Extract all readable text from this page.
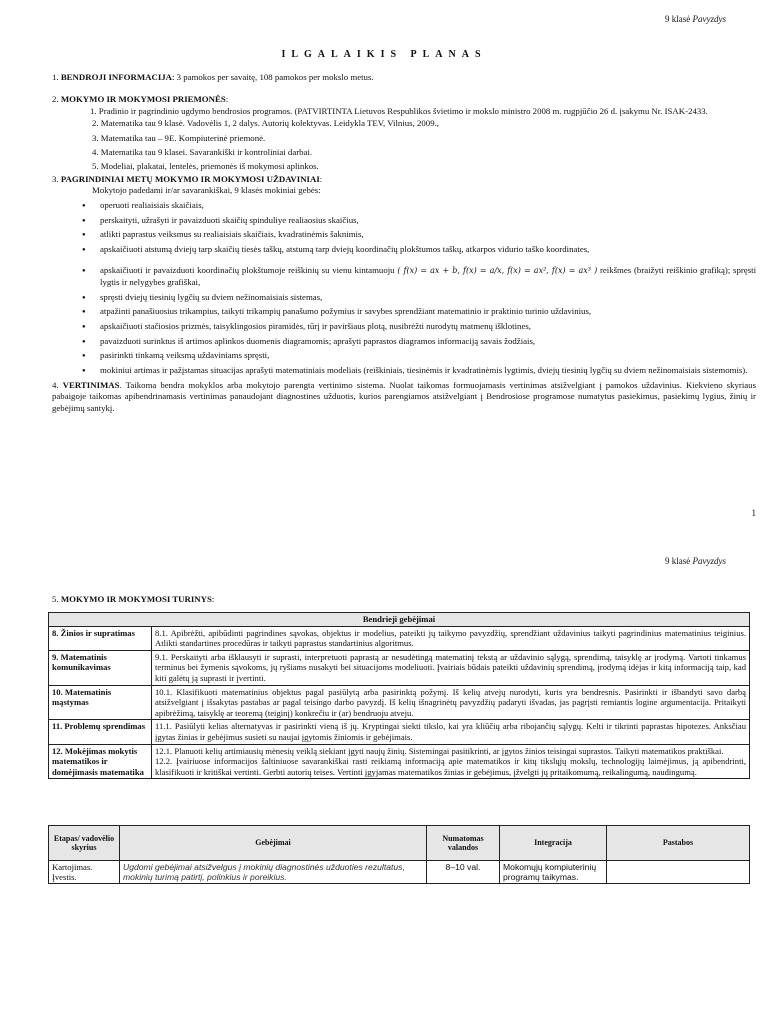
9 klasė Pavyzdys
ILGALAIKIS PLANAS

1. BENDROJI INFORMACIJA: 3 pamokos per savaitę, 108 pamokos per mokslo metus.

2. MOKYMO IR MOKYMOSI PRIEMONĖS:

1. Pradinio ir pagrindinio ugdymo bendrosios programos. (PATVIRTINTA Lietuvos Respublikos švietimo ir mokslo ministro 2008 m. rugpjūčio 26 d. įsakymu Nr. ISAK-2433.

2. Matematika tau 9 klasė. Vadovėlis 1, 2 dalys. Autorių kolektyvas. Leidykla TEV, Vilnius, 2009.,

3. Matematika tau – 9E. Kompiuterinė priemonė.

4. Matematika tau 9 klasei. Savarankiški ir kontroliniai darbai.

5. Modeliai, plakatai, lentelės, priemonės iš mokymosi aplinkos.

3. PAGRINDINIAI METŲ MOKYMO IR MOKYMOSI UŽDAVINIAI:

Mokytojo padedami ir/ar savarankiškai, 9 klasės mokiniai gebės:

● operuoti realiaisiais skaičiais,
● perskaityti, užrašyti ir pavaizduoti skaičių spinduliye realiaosius skaičius,
● atlikti paprastus veiksmus su realiaisiais skaičiais, kvadratinėmis šaknimis,
● apskaičiuoti atstumą dviejų tarp skaičių tiesės taškų, atstumą tarp dviejų koordinačių plokštumos taškų, atkarpos vidurio taško koordinates,
● apskaičiuoti ir pavaizduoti koordinačių plokštumoje reiškinių su vienu kintamuoju ( f(x) = ax + b, f(x) = a/x, f(x) = ax², f(x) = ax³ ) reikšmes (braižyti reiškinio grafiką); spręsti lygtis ir nelygybes grafiškai,
● spręsti dviejų tiesinių lygčių su dviem nežinomaisiais sistemas,
● atpažinti panašiuosius trikampius, taikyti trikampių panašumo požymius ir savybes sprendžiant matematinio ir praktinio turinio uždavinius,
● apskaičiuoti stačiosios prizmės, taisyklingosios piramidės, tūrį ir paviršiaus plotą, nusibrėžti nurodytų matmenų išklotines,
● pavaizduoti surinktus iš artimos aplinkos duomenis diagramomis; aprašyti paprastos diagramos informaciją savais žodžiais,
● pasirinkti tinkamą veiksmą uždaviniams spręsti,
● mokiniui artimas ir pažįstamas situacijas aprašyti matematiniais modeliais (reiškiniais, tiesinėmis ir kvadratinėmis lygtimis, dviejų tiesinių lygčių su dviem nežinomaisiais sistemomis).

4. VERTINIMAS. Taikoma bendra mokyklos arba mokytojo parengta vertinimo sistema. Nuolat taikomas formuojamasis vertinimas atsižvelgiant į pamokos uždavinius. Kiekvieno skyriaus pabaigoje taikomas apibendrinamasis vertinimas panaudojant diagnostines užduotis, kurios parengiamos atsižvelgiant į Bendrosiose programose numatytus pasiekimus, pasiekimų lygius, žinių ir gebėjimų santykį.

1
9 klasė Pavyzdys
5. MOKYMO IR MOKYMOSI TURINYS:
Bendrieji gebėjimai	
8. Žinios ir supratimas	8.1. Apibrėžti, apibūdinti pagrindines sąvokas, objektus ir modelius, pateikti jų taikymo pavyzdžių, sprendžiant uždavinius taikyti pagrindinius matematinius teiginius. Atlikti standartines procedūras ir taikyti paprastus standartinius algoritmus.
9. Matematinis komunikavimas	9.1. Perskaityti arba išklausyti ir suprasti, interpretuoti paprastą ar nesudėtingą matematinį tekstą ar uždavinio sąlygą, sprendimą, taisyklę ar įrodymą. Vartoti tinkamus terminus bei žymenis sąvokoms, jų ryšiams nusakyti bei situacijoms modeliuoti. Įvairiais būdais pateikti uždavinių sprendimą, įrodymą idėjas ir kitą informaciją taip, kad kiti galėtų ją suprasti ir įvertinti.
10. Matematinis mąstymas	10.1. Klasifikuoti matematinius objektus pagal pasiūlytą arba pasirinktą požymį. Iš kelių atvejų nurodyti, kuris yra bendresnis. Pasirinkti ir išbandyti savo darbą atsižvelgiant į išsakytas pastabas ar pagal teisingo darbo pavyzdį. Iš kelių išnagrinėtų pavyzdžių padaryti išvadas, jas pagrįsti remiantis logine argumentacija. Pritaikyti apibrėžimą, taisyklę ar teoremą (teiginį) konkrečiu ir (ar) bendruoju atveju.
11. Problemų sprendimas	11.1. Pasiūlyti kelias alternatyvas ir pasirinkti vieną iš jų. Kryptingai siekti tikslo, kai yra kliūčių arba ribojančių sąlygų. Kelti ir tikrinti paprastas hipotezes. Anksčiau įgytas žinias ir gebėjimus susieti su naujai įgytomis žiniomis ir gebėjimais.
12. Mokėjimas mokytis matematikos ir domėjimasis matematika	12.1. Planuoti kelių artimiausių mėnesių veiklą siekiant įgyti naujų žinių. Sistemingai pasitikrinti, ar įgytos žinios teisingai suprastos. Taikyti matematikos praktiškai.
12.2. Įvairiuose informacijos šaltiniuose savarankiškai rasti reikiamą informaciją apie matematikos ir kitų tikslųjų mokslų, technologijų laimėjimus, ją apibendrinti, klasifikuoti ir kritiškai vertinti. Gerbti autorių teises. Vertinti įgyjamas matematikos žinias ir gebėjimus, įžvelgti jų pritaikomumą, reikalingumą, naudingumą.
Etapas/ vadovėlio skyrius	Gebėjimai	Numatomas valandos	Integracija	Pastabos
Kartojimas. Įvestis.	Ugdomi gebėjimai atsižvelgus į mokinių diagnostinės užduoties rezultatus, mokinių turimą patirtį, polinkius ir poreikius.	8–10 val.	Mokomųjų kompiuterinių programų taikymas.	
